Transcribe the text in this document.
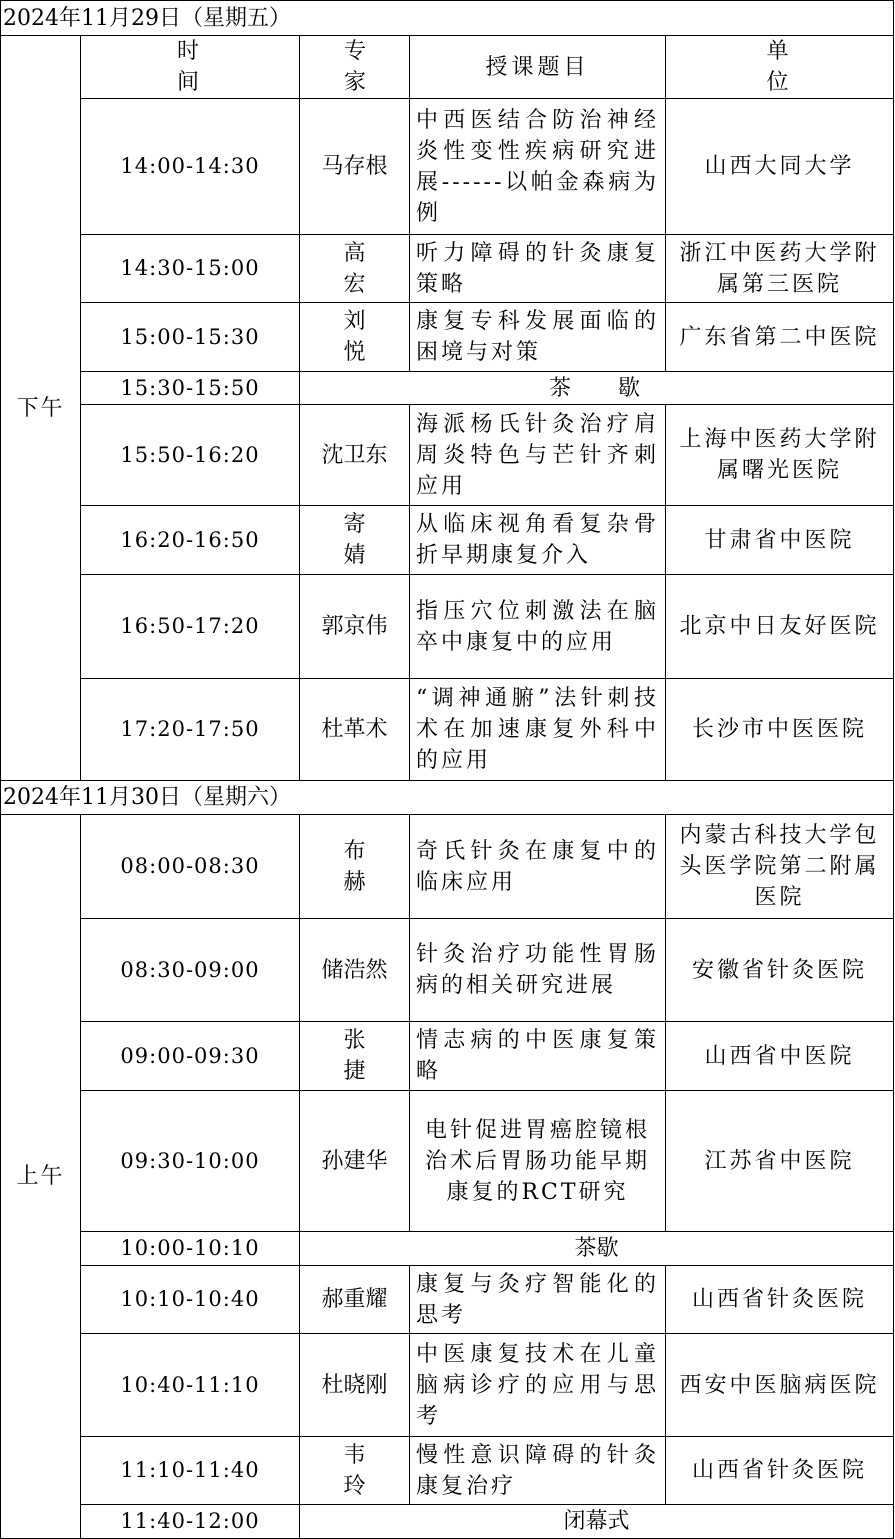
2024年11月29日（星期五）				
下午	时 间	专 家	授课题目	单 位
	14:00-14:30	马存根	中西医结合防治神经炎性变性疾病研究进展------以帕金森病为例	山西大同大学
	14:30-15:00	高 宏	听力障碍的针灸康复策略	浙江中医药大学附属第三医院
	15:00-15:30	刘 悦	康复专科发展面临的困境与对策	广东省第二中医院
	15:30-15:50	茶 歇		
	15:50-16:20	沈卫东	海派杨氏针灸治疗肩周炎特色与芒针齐刺应用	上海中医药大学附属曙光医院
	16:20-16:50	寄 婧	从临床视角看复杂骨折早期康复介入	甘肃省中医院
	16:50-17:20	郭京伟	指压穴位刺激法在脑卒中康复中的应用	北京中日友好医院
	17:20-17:50	杜革术	“调神通腑”法针刺技术在加速康复外科中的应用	长沙市中医医院
2024年11月30日（星期六）				
上午	08:00-08:30	布 赫	奇氏针灸在康复中的临床应用	内蒙古科技大学包头医学院第二附属医院
	08:30-09:00	储浩然	针灸治疗功能性胃肠病的相关研究进展	安徽省针灸医院
	09:00-09:30	张 捷	情志病的中医康复策略	山西省中医院
	09:30-10:00	孙建华	电针促进胃癌腔镜根治术后胃肠功能早期康复的RCT研究	江苏省中医院
	10:00-10:10	茶歇		
	10:10-10:40	郝重耀	康复与灸疗智能化的思考	山西省针灸医院
	10:40-11:10	杜晓刚	中医康复技术在儿童脑病诊疗的应用与思考	西安中医脑病医院
	11:10-11:40	韦 玲	慢性意识障碍的针灸康复治疗	山西省针灸医院
	11:40-12:00	闭幕式		
